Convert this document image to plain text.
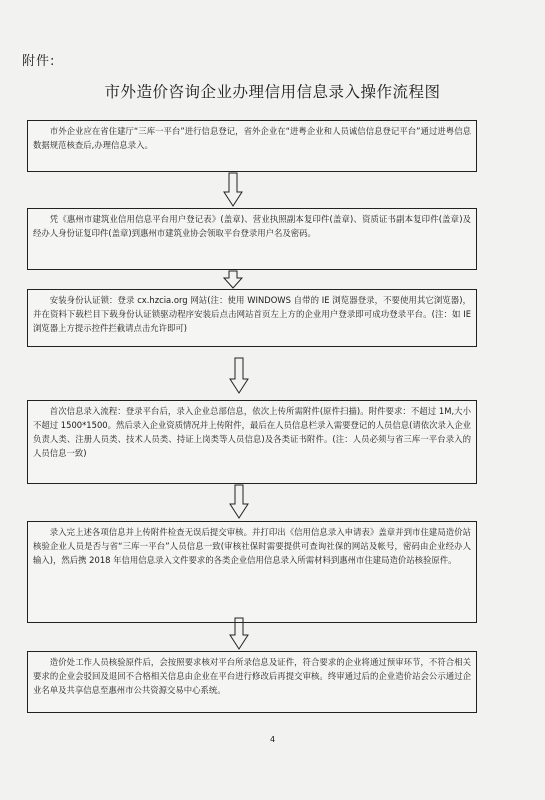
附件:
市外造价咨询企业办理信用信息录入操作流程图

市外企业应在省住建厅“三库一平台”进行信息登记，省外企业在“进粤企业和人员诚信信息登记平台”通过进粤信息数据规范核查后,办理信息录入。

凭《惠州市建筑业信用信息平台用户登记表》(盖章)、营业执照副本复印件(盖章)、资质证书副本复印件(盖章)及经办人身份证复印件(盖章)到惠州市建筑业协会领取平台登录用户名及密码。

安装身份认证锁：登录 cx.hzcia.org 网站(注：使用 WINDOWS 自带的 IE 浏览器登录，不要使用其它浏览器)，并在资料下载栏目下载身份认证锁驱动程序安装后点击网站首页左上方的企业用户登录即可成功登录平台。(注：如 IE 浏览器上方提示控件拦截请点击允许即可)

首次信息录入流程：登录平台后，录入企业总部信息，依次上传所需附件(原件扫描)。附件要求：不超过 1M,大小不超过 1500*1500。然后录入企业资质情况并上传附件，最后在人员信息栏录入需要登记的人员信息(请依次录入企业负责人类、注册人员类、技术人员类、持证上岗类等人员信息)及各类证书附件。(注：人员必须与省三库一平台录入的人员信息一致)

录入完上述各项信息并上传附件检查无误后提交审核。并打印出《信用信息录入申请表》盖章并到市住建局造价站核验企业人员是否与省“三库一平台”人员信息一致(审核社保时需要提供可查询社保的网站及帐号，密码由企业经办人输入)，然后携 2018 年信用信息录入文件要求的各类企业信用信息录入所需材料到惠州市住建局造价站核验原件。

造价处工作人员核验原件后，会按照要求核对平台所录信息及证件，符合要求的企业将通过预审环节，不符合相关要求的企业会驳回及退回不合格相关信息由企业在平台进行修改后再提交审核。终审通过后的企业造价站会公示通过企业名单及共享信息至惠州市公共资源交易中心系统。

4
